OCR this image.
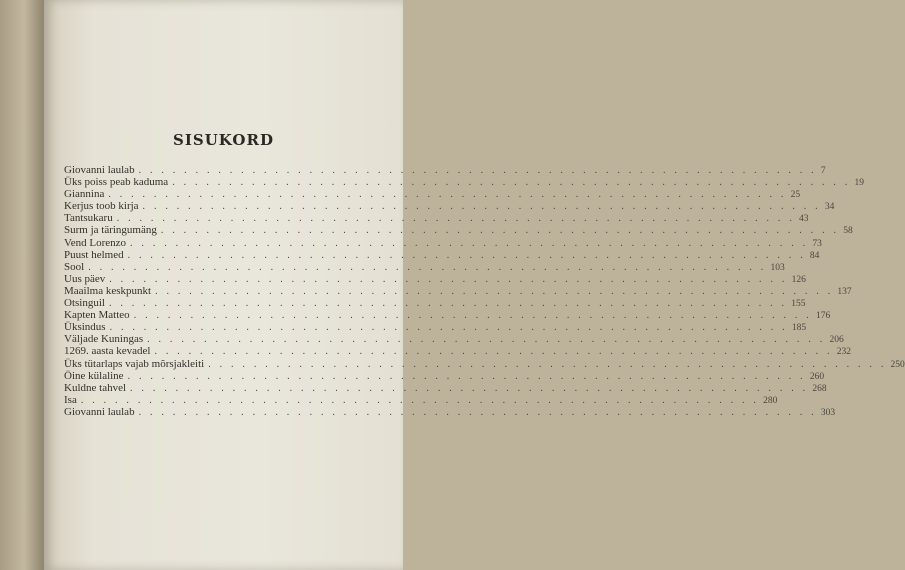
SISUKORD
Giovanni laulab . . . . . . . . . . . . . . . . . . . . . . . . . . . . . . . . . . . . . . . . . . . . . . . . . . . . . . . . . . . . 7
Üks poiss peab kaduma . . . . . . . . . . . . . . . . . . . . . . . . . . . . . . . . . . . . . . . . . . . . . . . . . . . . . . . . . . . . 19
Giannina . . . . . . . . . . . . . . . . . . . . . . . . . . . . . . . . . . . . . . . . . . . . . . . . . . . . . . . . . . . . 25
Kerjus toob kirja . . . . . . . . . . . . . . . . . . . . . . . . . . . . . . . . . . . . . . . . . . . . . . . . . . . . . . . . . . . . 34
Tantsukaru . . . . . . . . . . . . . . . . . . . . . . . . . . . . . . . . . . . . . . . . . . . . . . . . . . . . . . . . . . . . 43
Surm ja täringumäng . . . . . . . . . . . . . . . . . . . . . . . . . . . . . . . . . . . . . . . . . . . . . . . . . . . . . . . . . . . . 58
Vend Lorenzo . . . . . . . . . . . . . . . . . . . . . . . . . . . . . . . . . . . . . . . . . . . . . . . . . . . . . . . . . . . . 73
Puust helmed . . . . . . . . . . . . . . . . . . . . . . . . . . . . . . . . . . . . . . . . . . . . . . . . . . . . . . . . . . . . 84
Sool . . . . . . . . . . . . . . . . . . . . . . . . . . . . . . . . . . . . . . . . . . . . . . . . . . . . . . . . . . . . 103
Uus päev . . . . . . . . . . . . . . . . . . . . . . . . . . . . . . . . . . . . . . . . . . . . . . . . . . . . . . . . . . . . 126
Maailma keskpunkt . . . . . . . . . . . . . . . . . . . . . . . . . . . . . . . . . . . . . . . . . . . . . . . . . . . . . . . . . . . . 137
Otsinguil . . . . . . . . . . . . . . . . . . . . . . . . . . . . . . . . . . . . . . . . . . . . . . . . . . . . . . . . . . . . 155
Kapten Matteo . . . . . . . . . . . . . . . . . . . . . . . . . . . . . . . . . . . . . . . . . . . . . . . . . . . . . . . . . . . . 176
Üksindus . . . . . . . . . . . . . . . . . . . . . . . . . . . . . . . . . . . . . . . . . . . . . . . . . . . . . . . . . . . . 185
Väljade Kuningas . . . . . . . . . . . . . . . . . . . . . . . . . . . . . . . . . . . . . . . . . . . . . . . . . . . . . . . . . . . . 206
1269. aasta kevadel . . . . . . . . . . . . . . . . . . . . . . . . . . . . . . . . . . . . . . . . . . . . . . . . . . . . . . . . . . . . 232
Üks tütarlaps vajab mõrsjakleiti . . . . . . . . . . . . . . . . . . . . . . . . . . . . . . . . . . . . . . . . . . . . . . . . . . . . . . . . . . . . 250
Öine külaline . . . . . . . . . . . . . . . . . . . . . . . . . . . . . . . . . . . . . . . . . . . . . . . . . . . . . . . . . . . . 260
Kuldne tahvel . . . . . . . . . . . . . . . . . . . . . . . . . . . . . . . . . . . . . . . . . . . . . . . . . . . . . . . . . . . . 268
Isa . . . . . . . . . . . . . . . . . . . . . . . . . . . . . . . . . . . . . . . . . . . . . . . . . . . . . . . . . . . . 280
Giovanni laulab . . . . . . . . . . . . . . . . . . . . . . . . . . . . . . . . . . . . . . . . . . . . . . . . . . . . . . . . . . . . 303
